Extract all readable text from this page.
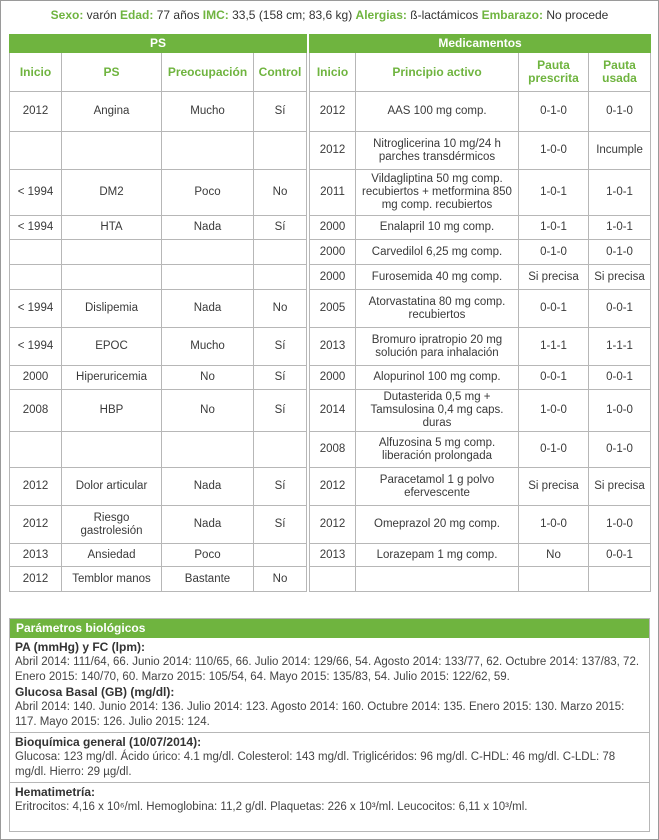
Sexo: varón Edad: 77 años IMC: 33,5 (158 cm; 83,6 kg) Alergias: ß-lactámicos Embarazo: No procede
PS			
Inicio	PS	Preocupación	Control
2012	Angina	Mucho	Sí

< 1994	DM2	Poco	No
< 1994	HTA	Nada	Sí

< 1994	Dislipemia	Nada	No
< 1994	EPOC	Mucho	Sí
2000	Hiperuricemia	No	Sí
2008	HBP	No	Sí

2012	Dolor articular	Nada	Sí
2012	Riesgo gastrolesión	Nada	Sí
2013	Ansiedad	Poco	
2012	Temblor manos	Bastante	No
Medicamentos			
Inicio	Principio activo	Pauta prescrita	Pauta usada
2012	AAS 100 mg comp.	0-1-0	0-1-0
2012	Nitroglicerina 10 mg/24 h parches transdérmicos	1-0-0	Incumple
2011	Vildagliptina 50 mg comp. recubiertos + metformina 850 mg comp. recubiertos	1-0-1	1-0-1
2000	Enalapril 10 mg comp.	1-0-1	1-0-1
2000	Carvedilol 6,25 mg comp.	0-1-0	0-1-0
2000	Furosemida 40 mg comp.	Si precisa	Si precisa
2005	Atorvastatina 80 mg comp. recubiertos	0-0-1	0-0-1
2013	Bromuro ipratropio 20 mg solución para inhalación	1-1-1	1-1-1
2000	Alopurinol 100 mg comp.	0-0-1	0-0-1
2014	Dutasterida 0,5 mg + Tamsulosina 0,4 mg caps. duras	1-0-0	1-0-0
2008	Alfuzosina 5 mg comp. liberación prolongada	0-1-0	0-1-0
2012	Paracetamol 1 g polvo efervescente	Si precisa	Si precisa
2012	Omeprazol 20 mg comp.	1-0-0	1-0-0
2013	Lorazepam 1 mg comp.	No	0-0-1

Parámetros biológicos
PA (mmHg) y FC (lpm):
Abril 2014: 111/64, 66. Junio 2014: 110/65, 66. Julio 2014: 129/66, 54. Agosto 2014: 133/77, 62. Octubre 2014: 137/83, 72. Enero 2015: 140/70, 60. Marzo 2015: 105/54, 64. Mayo 2015: 135/83, 54. Julio 2015: 122/62, 59.
Glucosa Basal (GB) (mg/dl):
Abril 2014: 140. Junio 2014: 136. Julio 2014: 123. Agosto 2014: 160. Octubre 2014: 135. Enero 2015: 130. Marzo 2015: 117. Mayo 2015: 126. Julio 2015: 124.
Bioquímica general (10/07/2014):
Glucosa: 123 mg/dl. Ácido úrico: 4.1 mg/dl. Colesterol: 143 mg/dl. Triglicéridos: 96 mg/dl. C-HDL: 46 mg/dl. C-LDL: 78 mg/dl. Hierro: 29 µg/dl.
Hematimetría:
Eritrocitos: 4,16 x 10⁶/ml. Hemoglobina: 11,2 g/dl. Plaquetas: 226 x 10³/ml. Leucocitos: 6,11 x 10³/ml.
